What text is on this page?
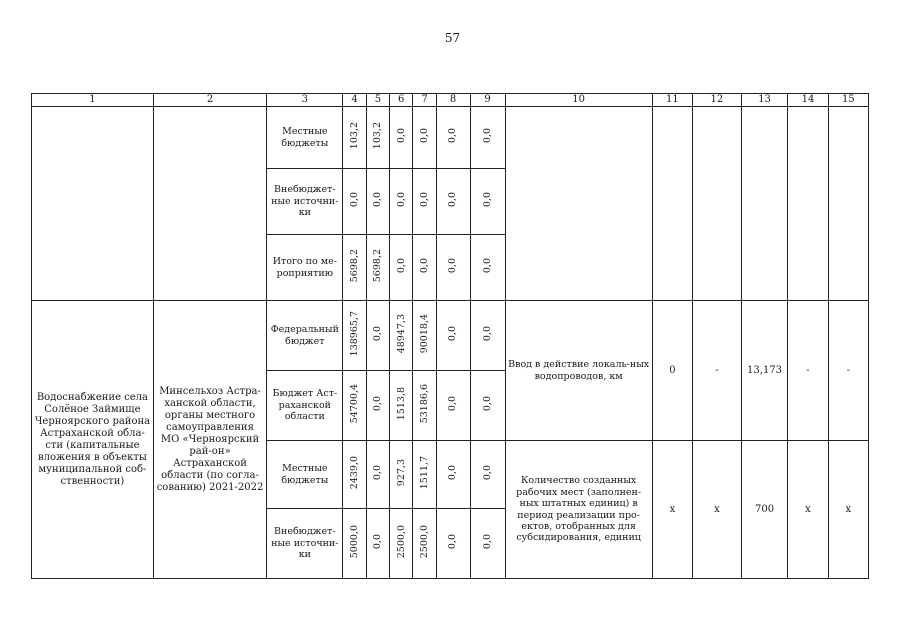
57
1	2	3	4	5	6	7	8	9	10	11	12	13	14	15
		Местные бюджеты	103,2	103,2	0,0	0,0	0,0	0,0						
		Внебюджет-ные источни-ки	0,0	0,0	0,0	0,0	0,0	0,0						
		Итого по ме-роприятию	5698,2	5698,2	0,0	0,0	0,0	0,0						
Водоснабжение села Солёное Займище Черноярского района Астраханской обла-сти (капитальные вложения в объекты муниципальной соб-ственности)	Минсельхоз Астра-ханской области, органы местного самоуправления МО «Черноярский рай-он» Астраханской области (по согла-сованию) 2021-2022	Федеральный бюджет	138965,7	0,0	48947,3	90018,4	0,0	0,0	Ввод в действие локаль-ных водопроводов, км	0	-	13,173	-	-
		Бюджет Аст-раханской области	54700,4	0,0	1513,8	53186,6	0,0	0,0						
		Местные бюджеты	2439,0	0,0	927,3	1511,7	0,0	0,0	Количество созданных рабочих мест (заполнен-ных штатных единиц) в период реализации про-ектов, отобранных для субсидирования, единиц	x	x	700	x	x
		Внебюджет-ные источни-ки	5000,0	0,0	2500,0	2500,0	0,0	0,0						
